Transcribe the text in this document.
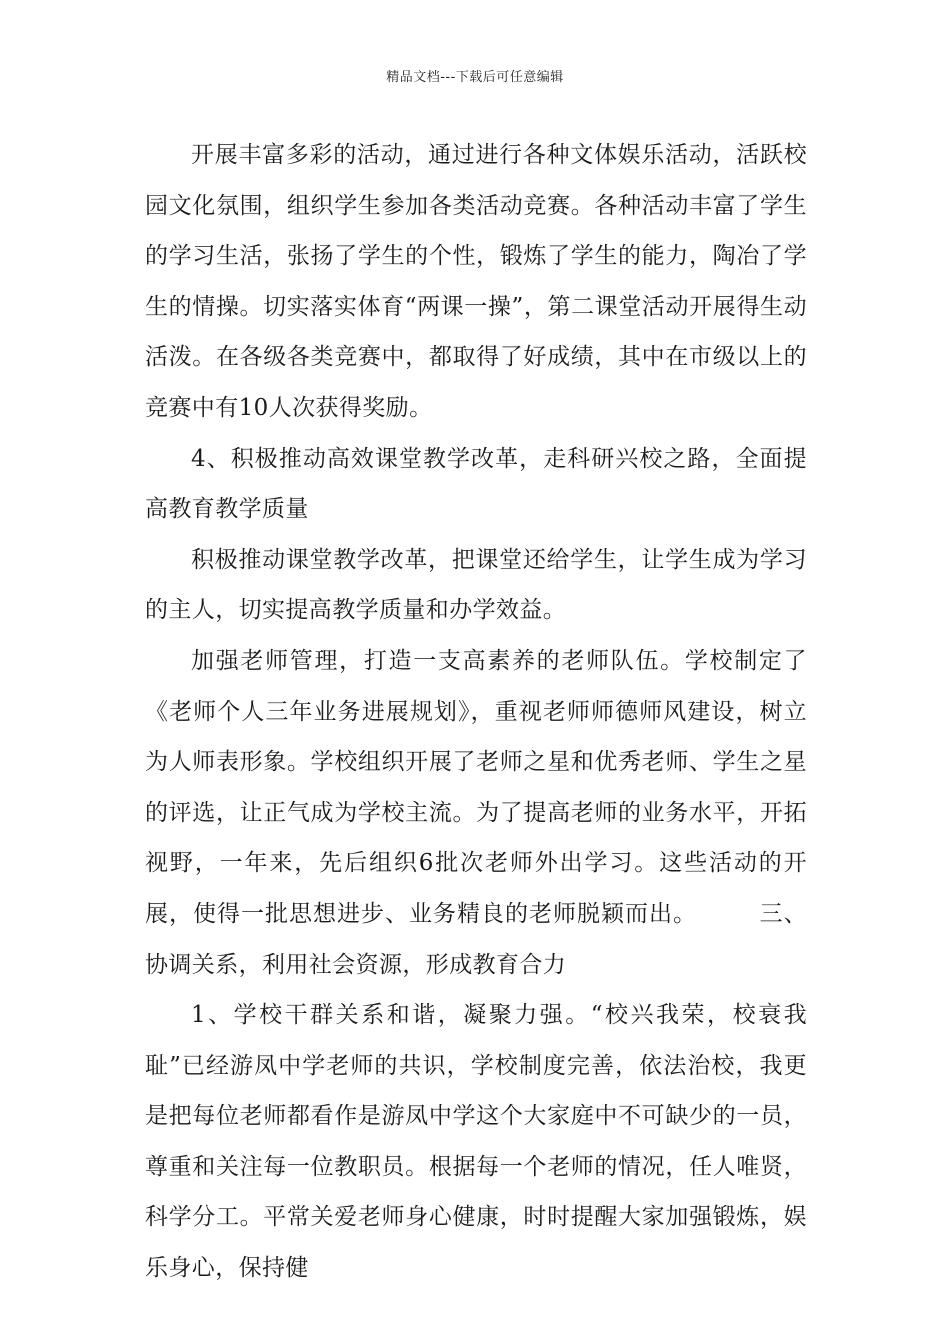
精品文档---下载后可任意编辑

开展丰富多彩的活动，通过进行各种文体娱乐活动，活跃校园文化氛围，组织学生参加各类活动竞赛。各种活动丰富了学生的学习生活，张扬了学生的个性，锻炼了学生的能力，陶冶了学生的情操。切实落实体育“两课一操”，第二课堂活动开展得生动活泼。在各级各类竞赛中，都取得了好成绩，其中在市级以上的竞赛中有10人次获得奖励。

4、积极推动高效课堂教学改革，走科研兴校之路，全面提高教育教学质量

积极推动课堂教学改革，把课堂还给学生，让学生成为学习的主人，切实提高教学质量和办学效益。

加强老师管理，打造一支高素养的老师队伍。学校制定了《老师个人三年业务进展规划》，重视老师师德师风建设，树立为人师表形象。学校组织开展了老师之星和优秀老师、学生之星的评选，让正气成为学校主流。为了提高老师的业务水平，开拓视野，一年来，先后组织6批次老师外出学习。这些活动的开展，使得一批思想进步、业务精良的老师脱颖而出。	三、协调关系，利用社会资源，形成教育合力

1、学校干群关系和谐，凝聚力强。“校兴我荣，校衰我耻”已经游凤中学老师的共识，学校制度完善，依法治校，我更是把每位老师都看作是游凤中学这个大家庭中不可缺少的一员，尊重和关注每一位教职员。根据每一个老师的情况，任人唯贤，科学分工。平常关爱老师身心健康，时时提醒大家加强锻炼，娱乐身心，保持健
